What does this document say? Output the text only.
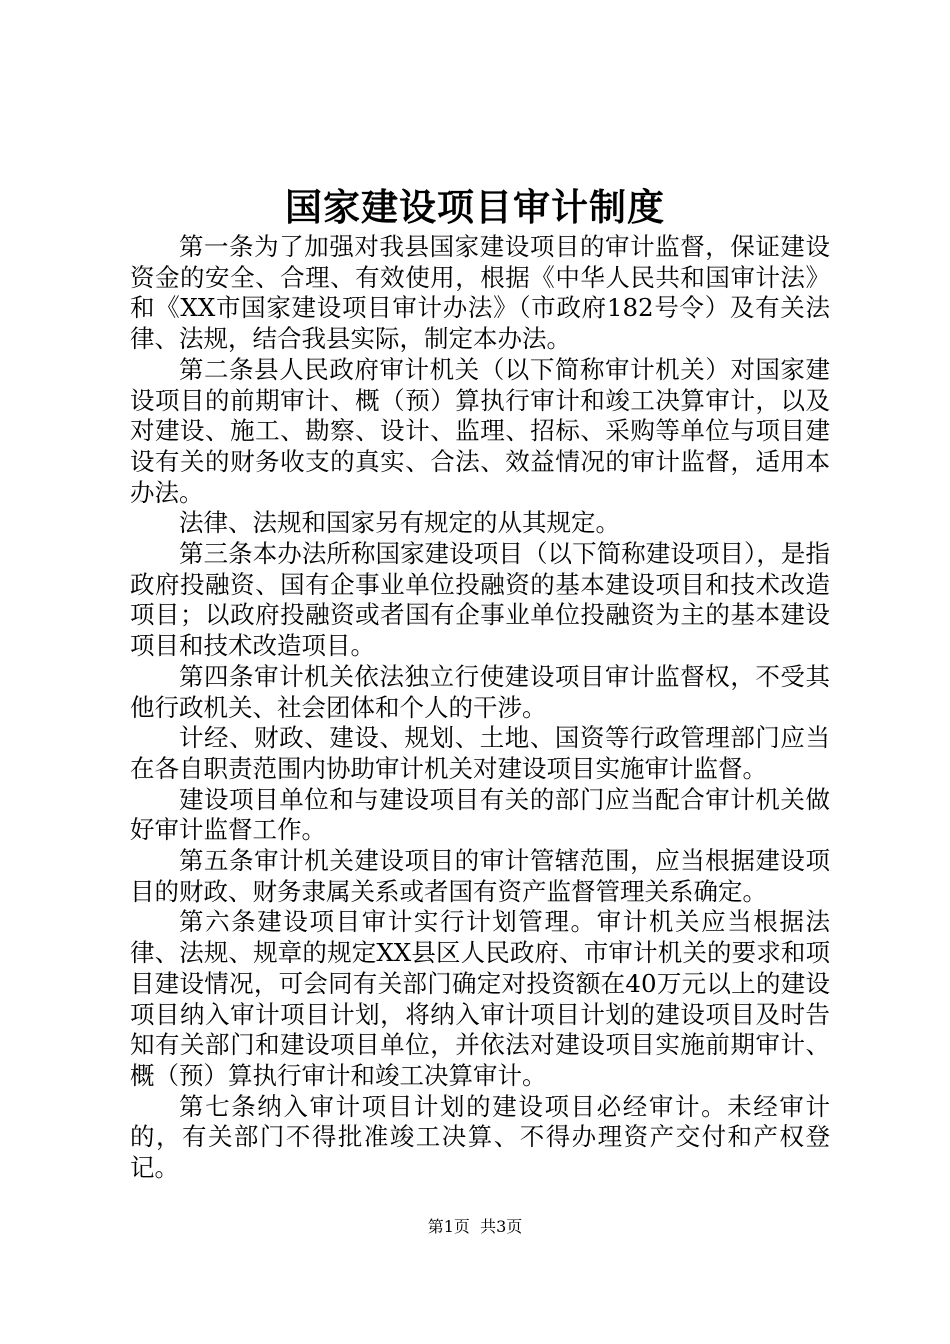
国家建设项目审计制度

第一条为了加强对我县国家建设项目的审计监督，保证建设资金的安全、合理、有效使用，根据《中华人民共和国审计法》和《XX市国家建设项目审计办法》（市政府182号令）及有关法律、法规，结合我县实际，制定本办法。

第二条县人民政府审计机关（以下简称审计机关）对国家建设项目的前期审计、概（预）算执行审计和竣工决算审计，以及对建设、施工、勘察、设计、监理、招标、采购等单位与项目建设有关的财务收支的真实、合法、效益情况的审计监督，适用本办法。

法律、法规和国家另有规定的从其规定。

第三条本办法所称国家建设项目（以下简称建设项目），是指政府投融资、国有企事业单位投融资的基本建设项目和技术改造项目；以政府投融资或者国有企事业单位投融资为主的基本建设项目和技术改造项目。

第四条审计机关依法独立行使建设项目审计监督权，不受其他行政机关、社会团体和个人的干涉。

计经、财政、建设、规划、土地、国资等行政管理部门应当在各自职责范围内协助审计机关对建设项目实施审计监督。

建设项目单位和与建设项目有关的部门应当配合审计机关做好审计监督工作。

第五条审计机关建设项目的审计管辖范围，应当根据建设项目的财政、财务隶属关系或者国有资产监督管理关系确定。

第六条建设项目审计实行计划管理。审计机关应当根据法律、法规、规章的规定XX县区人民政府、市审计机关的要求和项目建设情况，可会同有关部门确定对投资额在40万元以上的建设项目纳入审计项目计划，将纳入审计项目计划的建设项目及时告知有关部门和建设项目单位，并依法对建设项目实施前期审计、概（预）算执行审计和竣工决算审计。

第七条纳入审计项目计划的建设项目必经审计。未经审计的，有关部门不得批准竣工决算、不得办理资产交付和产权登记。

第1页 共3页
